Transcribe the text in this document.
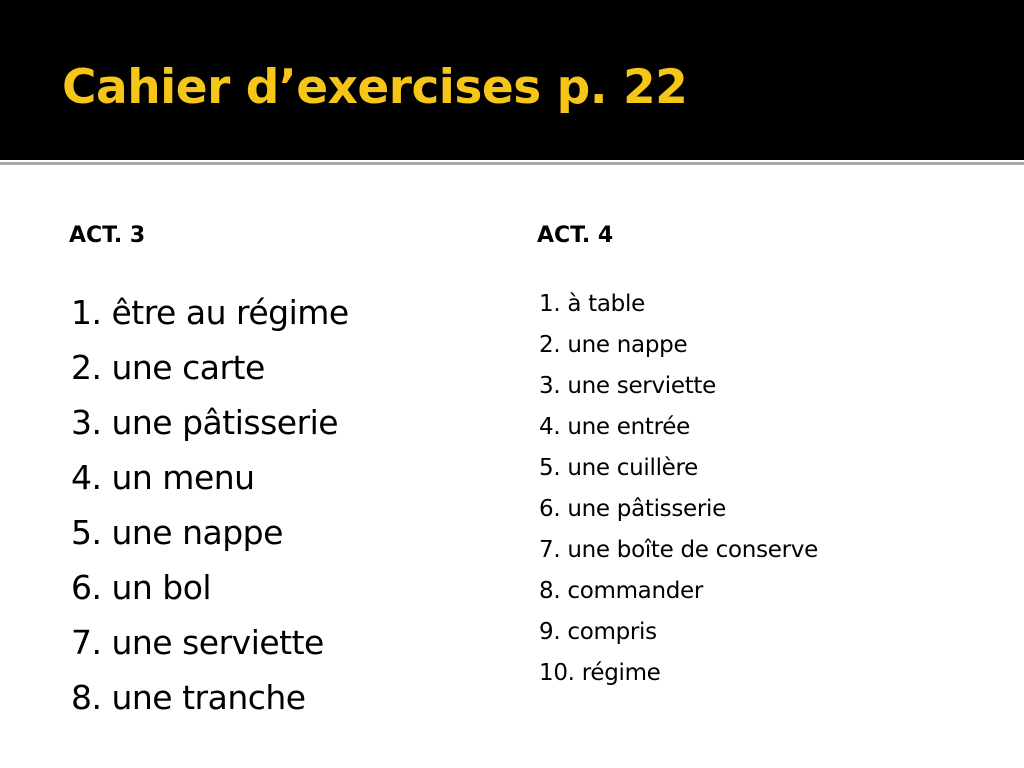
Cahier d’exercises p. 22
ACT. 3	ACT. 4
1. être au régime
2. une carte
3. une pâtisserie
4. un menu
5. une nappe
6. un bol
7. une serviette
8. une tranche
1. à table
2. une nappe
3. une serviette
4. une entrée
5. une cuillère
6. une pâtisserie
7. une boîte de conserve
8. commander
9. compris
10. régime
